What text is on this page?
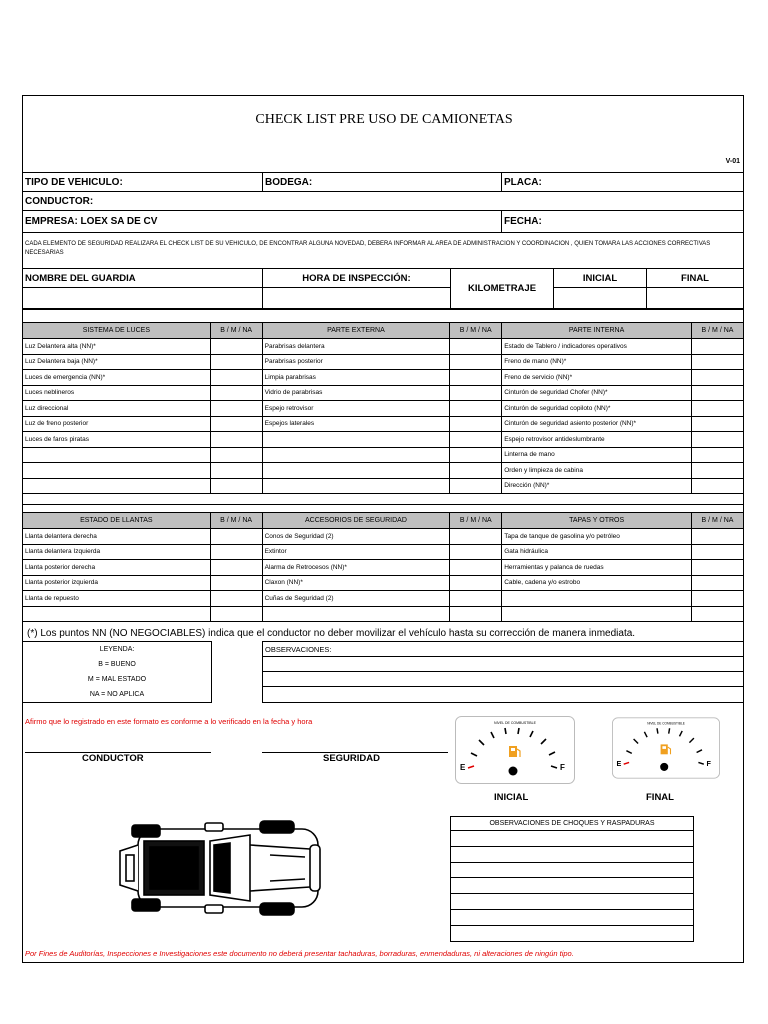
CHECK LIST PRE USO DE CAMIONETAS
V-01
TIPO DE VEHICULO:	BODEGA:	PLACA:
CONDUCTOR:		
EMPRESA: LOEX SA DE CV		FECHA:
CADA ELEMENTO DE SEGURIDAD REALIZARA EL CHECK LIST DE SU VEHICULO, DE ENCONTRAR ALGUNA NOVEDAD, DEBERA INFORMAR AL AREA DE ADMINISTRACION Y COORDINACION , QUIEN TOMARA LAS ACCIONES CORRECTIVAS NECESARIAS
NOMBRE DEL GUARDIA	HORA DE INSPECCIÓN:	KILOMETRAJE	INICIAL	FINAL

SISTEMA DE LUCES	B / M / NA	PARTE EXTERNA	B / M / NA	PARTE INTERNA	B / M / NA
Luz Delantera alta (NN)*		Parabrisas delantera		Estado de Tablero / indicadores operativos	
Luz Delantera baja (NN)*		Parabrisas posterior		Freno de mano (NN)*	
Luces de emergencia (NN)*		Limpia parabrisas		Freno de servicio (NN)*	
Luces neblineros		Vidrio de parabrisas		Cinturón de seguridad Chofer (NN)*	
Luz direccional		Espejo retrovisor		Cinturón de seguridad copiloto (NN)*	
Luz de freno posterior		Espejos laterales		Cinturón de seguridad asiento posterior (NN)*	
Luces de faros piratas				Espejo retrovisor antideslumbrante	
				Linterna de mano	
				Orden y limpieza de cabina	
				Dirección (NN)*	
ESTADO DE LLANTAS	B / M / NA	ACCESORIOS DE SEGURIDAD	B / M / NA	TAPAS Y OTROS	B / M / NA
Llanta delantera derecha		Conos de Seguridad (2)		Tapa de tanque de gasolina y/o petróleo	
Llanta delantera Izquierda		Extintor		Gata hidráulica	
Llanta posterior derecha		Alarma de Retrocesos (NN)*		Herramientas y palanca de ruedas	
Llanta posterior izquierda		Claxon (NN)*		Cable, cadena y/o estrobo	
Llanta de repuesto		Cuñas de Seguridad (2)			

(*) Los puntos NN (NO NEGOCIABLES) indica que el conductor no deber movilizar el vehículo hasta su corrección de manera inmediata.
LEYENDA:
B = BUENO
M = MAL ESTADO
NA = NO APLICA
OBSERVACIONES:

Afirmo que lo registrado en este formato es conforme a lo verificado en la fecha y hora
CONDUCTOR	SEGURIDAD
NIVEL DE COMBUSTIBLE
E	F
INICIAL
NIVEL DE COMBUSTIBLE
E	F
FINAL
OBSERVACIONES DE CHOQUES Y RASPADURAS

Por Fines de Auditorías, Inspecciones e Investigaciones este documento no deberá presentar tachaduras, borraduras, enmendaduras, ni alteraciones de ningún tipo.
